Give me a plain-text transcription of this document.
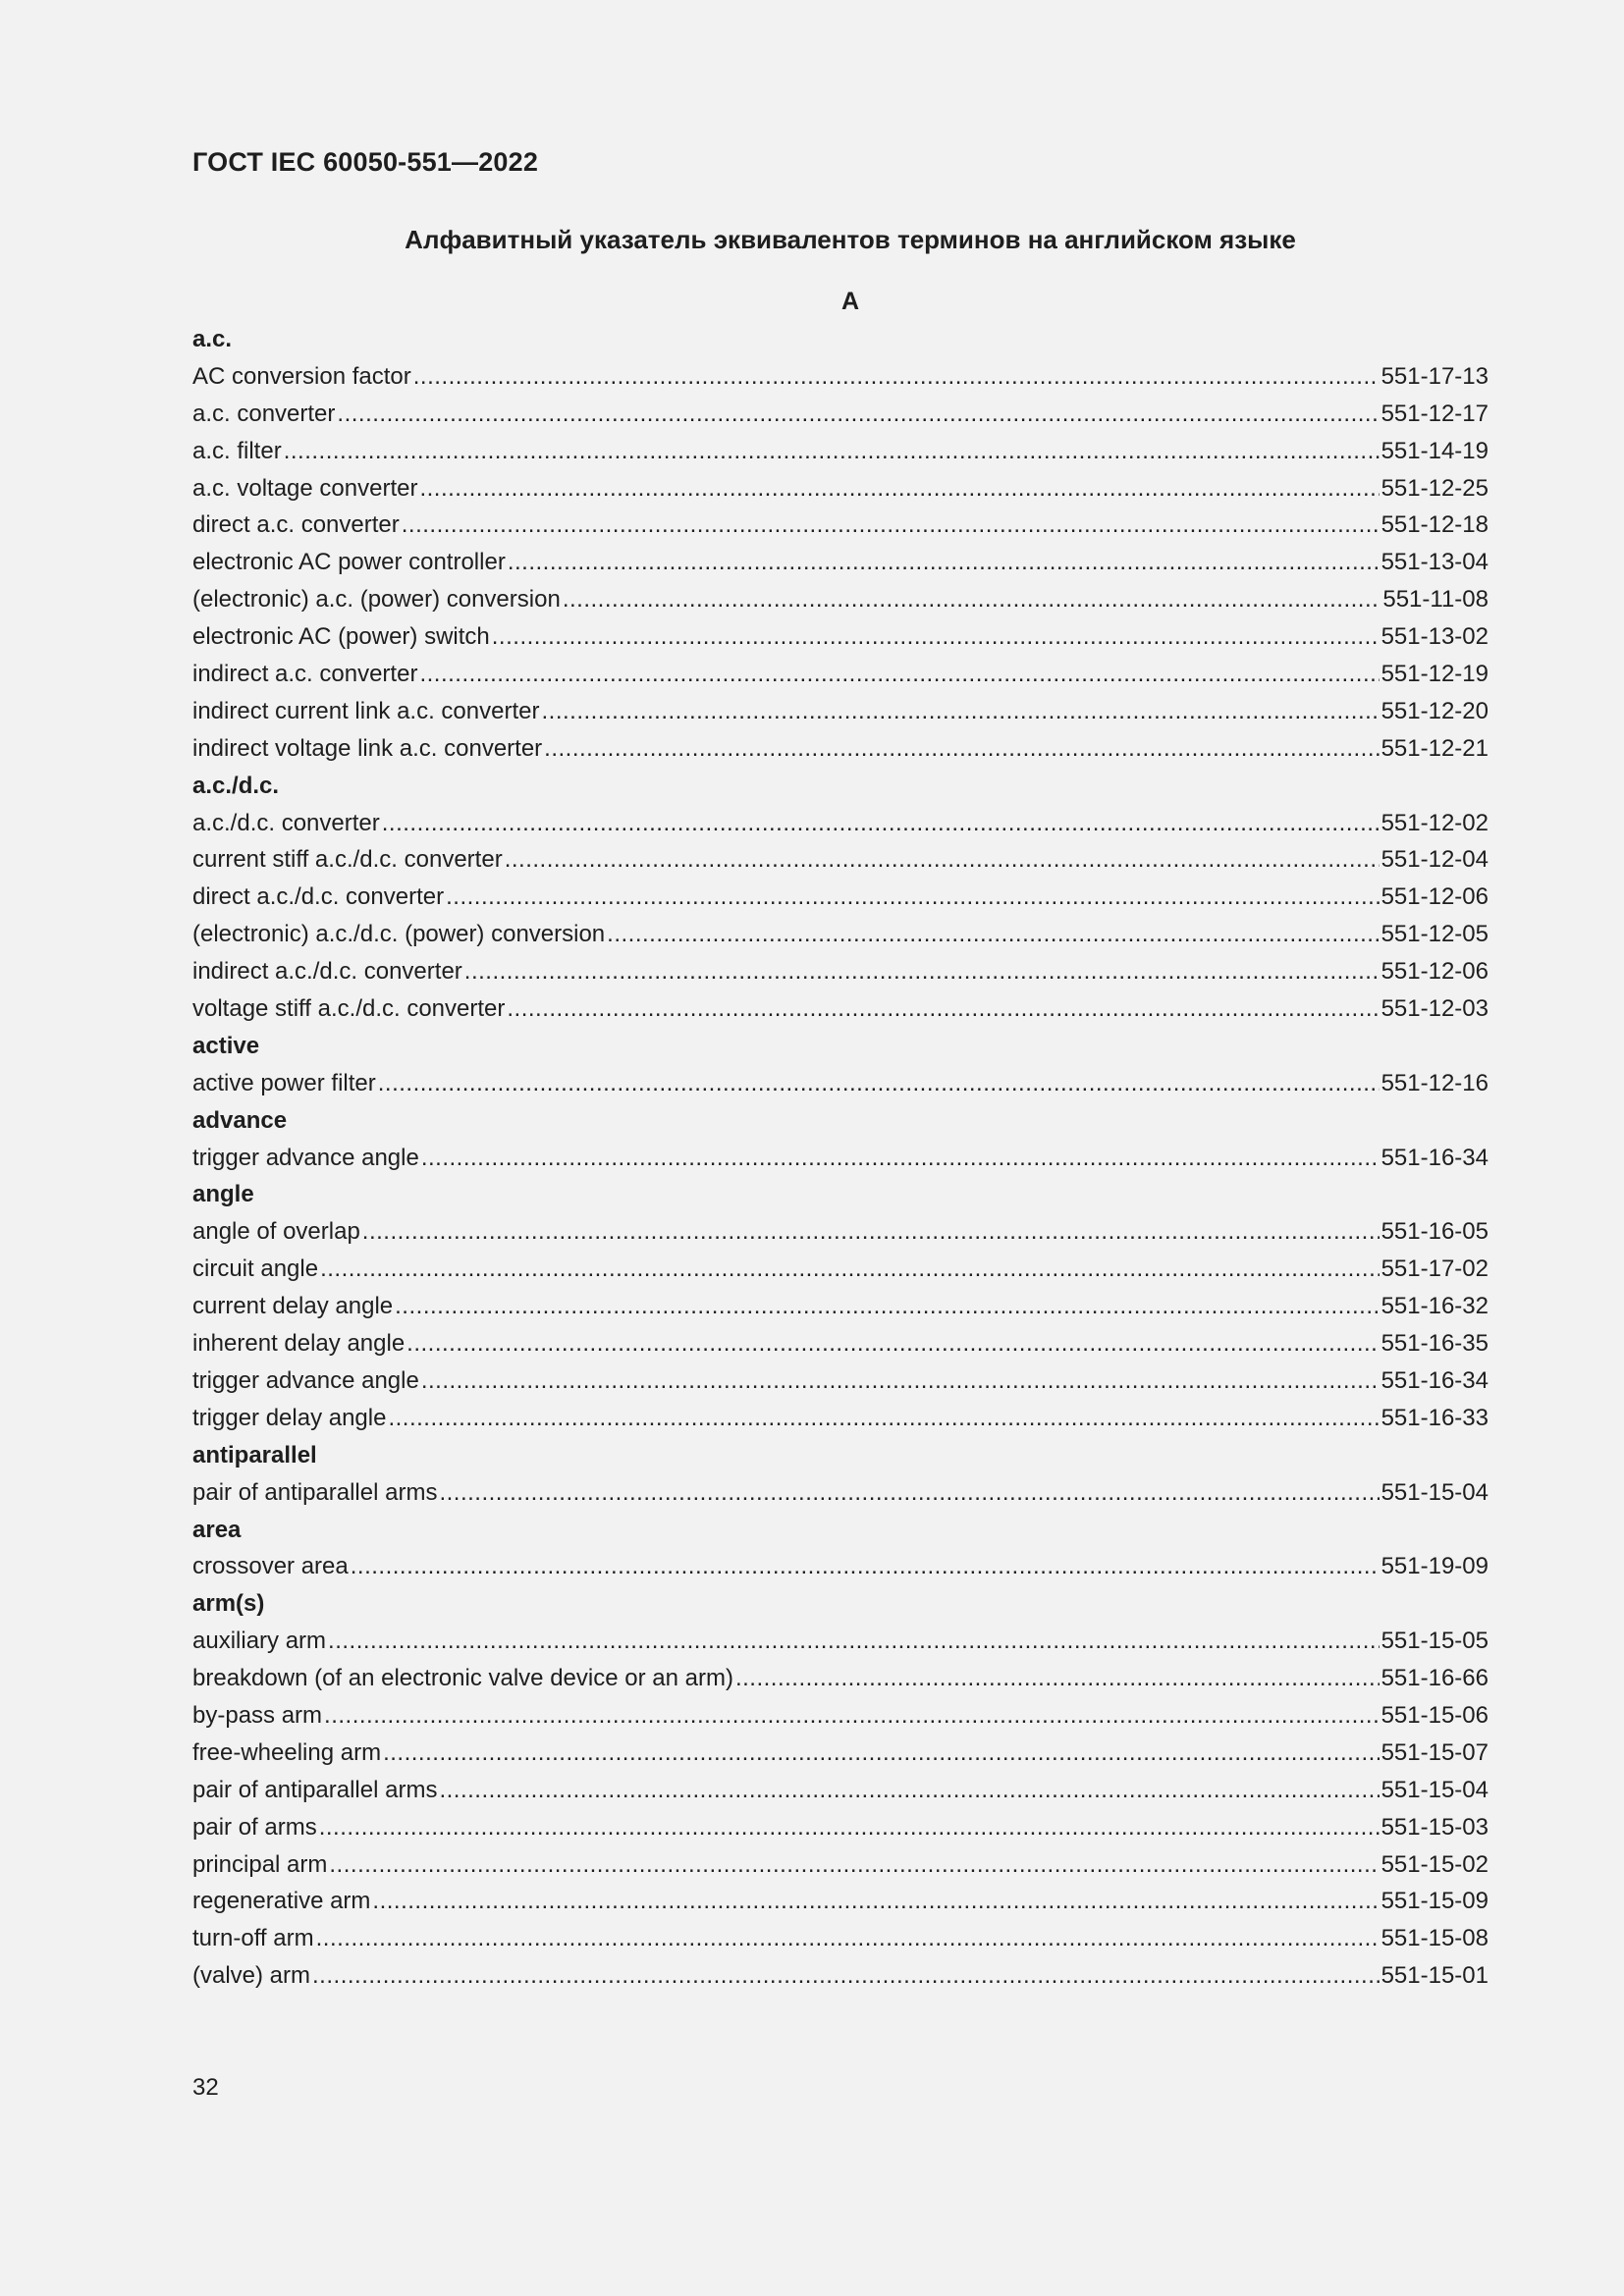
ГОСТ IEC 60050-551—2022
Алфавитный указатель эквивалентов терминов на английском языке
A
a.c.
AC conversion factor .....	551-17-13
a.c. converter .....	551-12-17
a.c. filter .....	551-14-19
a.c. voltage converter .....	551-12-25
direct a.c. converter .....	551-12-18
electronic AC power controller .....	551-13-04
(electronic) a.c. (power) conversion .....	551-11-08
electronic AC (power) switch .....	551-13-02
indirect a.c. converter .....	551-12-19
indirect current link a.c. converter .....	551-12-20
indirect voltage link a.c. converter .....	551-12-21
a.c./d.c.
a.c./d.c. converter .....	551-12-02
current stiff a.c./d.c. converter .....	551-12-04
direct a.c./d.c. converter .....	551-12-06
(electronic) a.c./d.c. (power) conversion .....	551-12-05
indirect a.c./d.c. converter .....	551-12-06
voltage stiff a.c./d.c. converter .....	551-12-03
active
active power filter .....	551-12-16
advance
trigger advance angle .....	551-16-34
angle
angle of overlap .....	551-16-05
circuit angle .....	551-17-02
current delay angle .....	551-16-32
inherent delay angle .....	551-16-35
trigger advance angle .....	551-16-34
trigger delay angle .....	551-16-33
antiparallel
pair of antiparallel arms .....	551-15-04
area
crossover area .....	551-19-09
arm(s)
auxiliary arm .....	551-15-05
breakdown (of an electronic valve device or an arm) .....	551-16-66
by-pass arm .....	551-15-06
free-wheeling arm .....	551-15-07
pair of antiparallel arms .....	551-15-04
pair of arms .....	551-15-03
principal arm .....	551-15-02
regenerative arm .....	551-15-09
turn-off arm .....	551-15-08
(valve) arm .....	551-15-01
32
